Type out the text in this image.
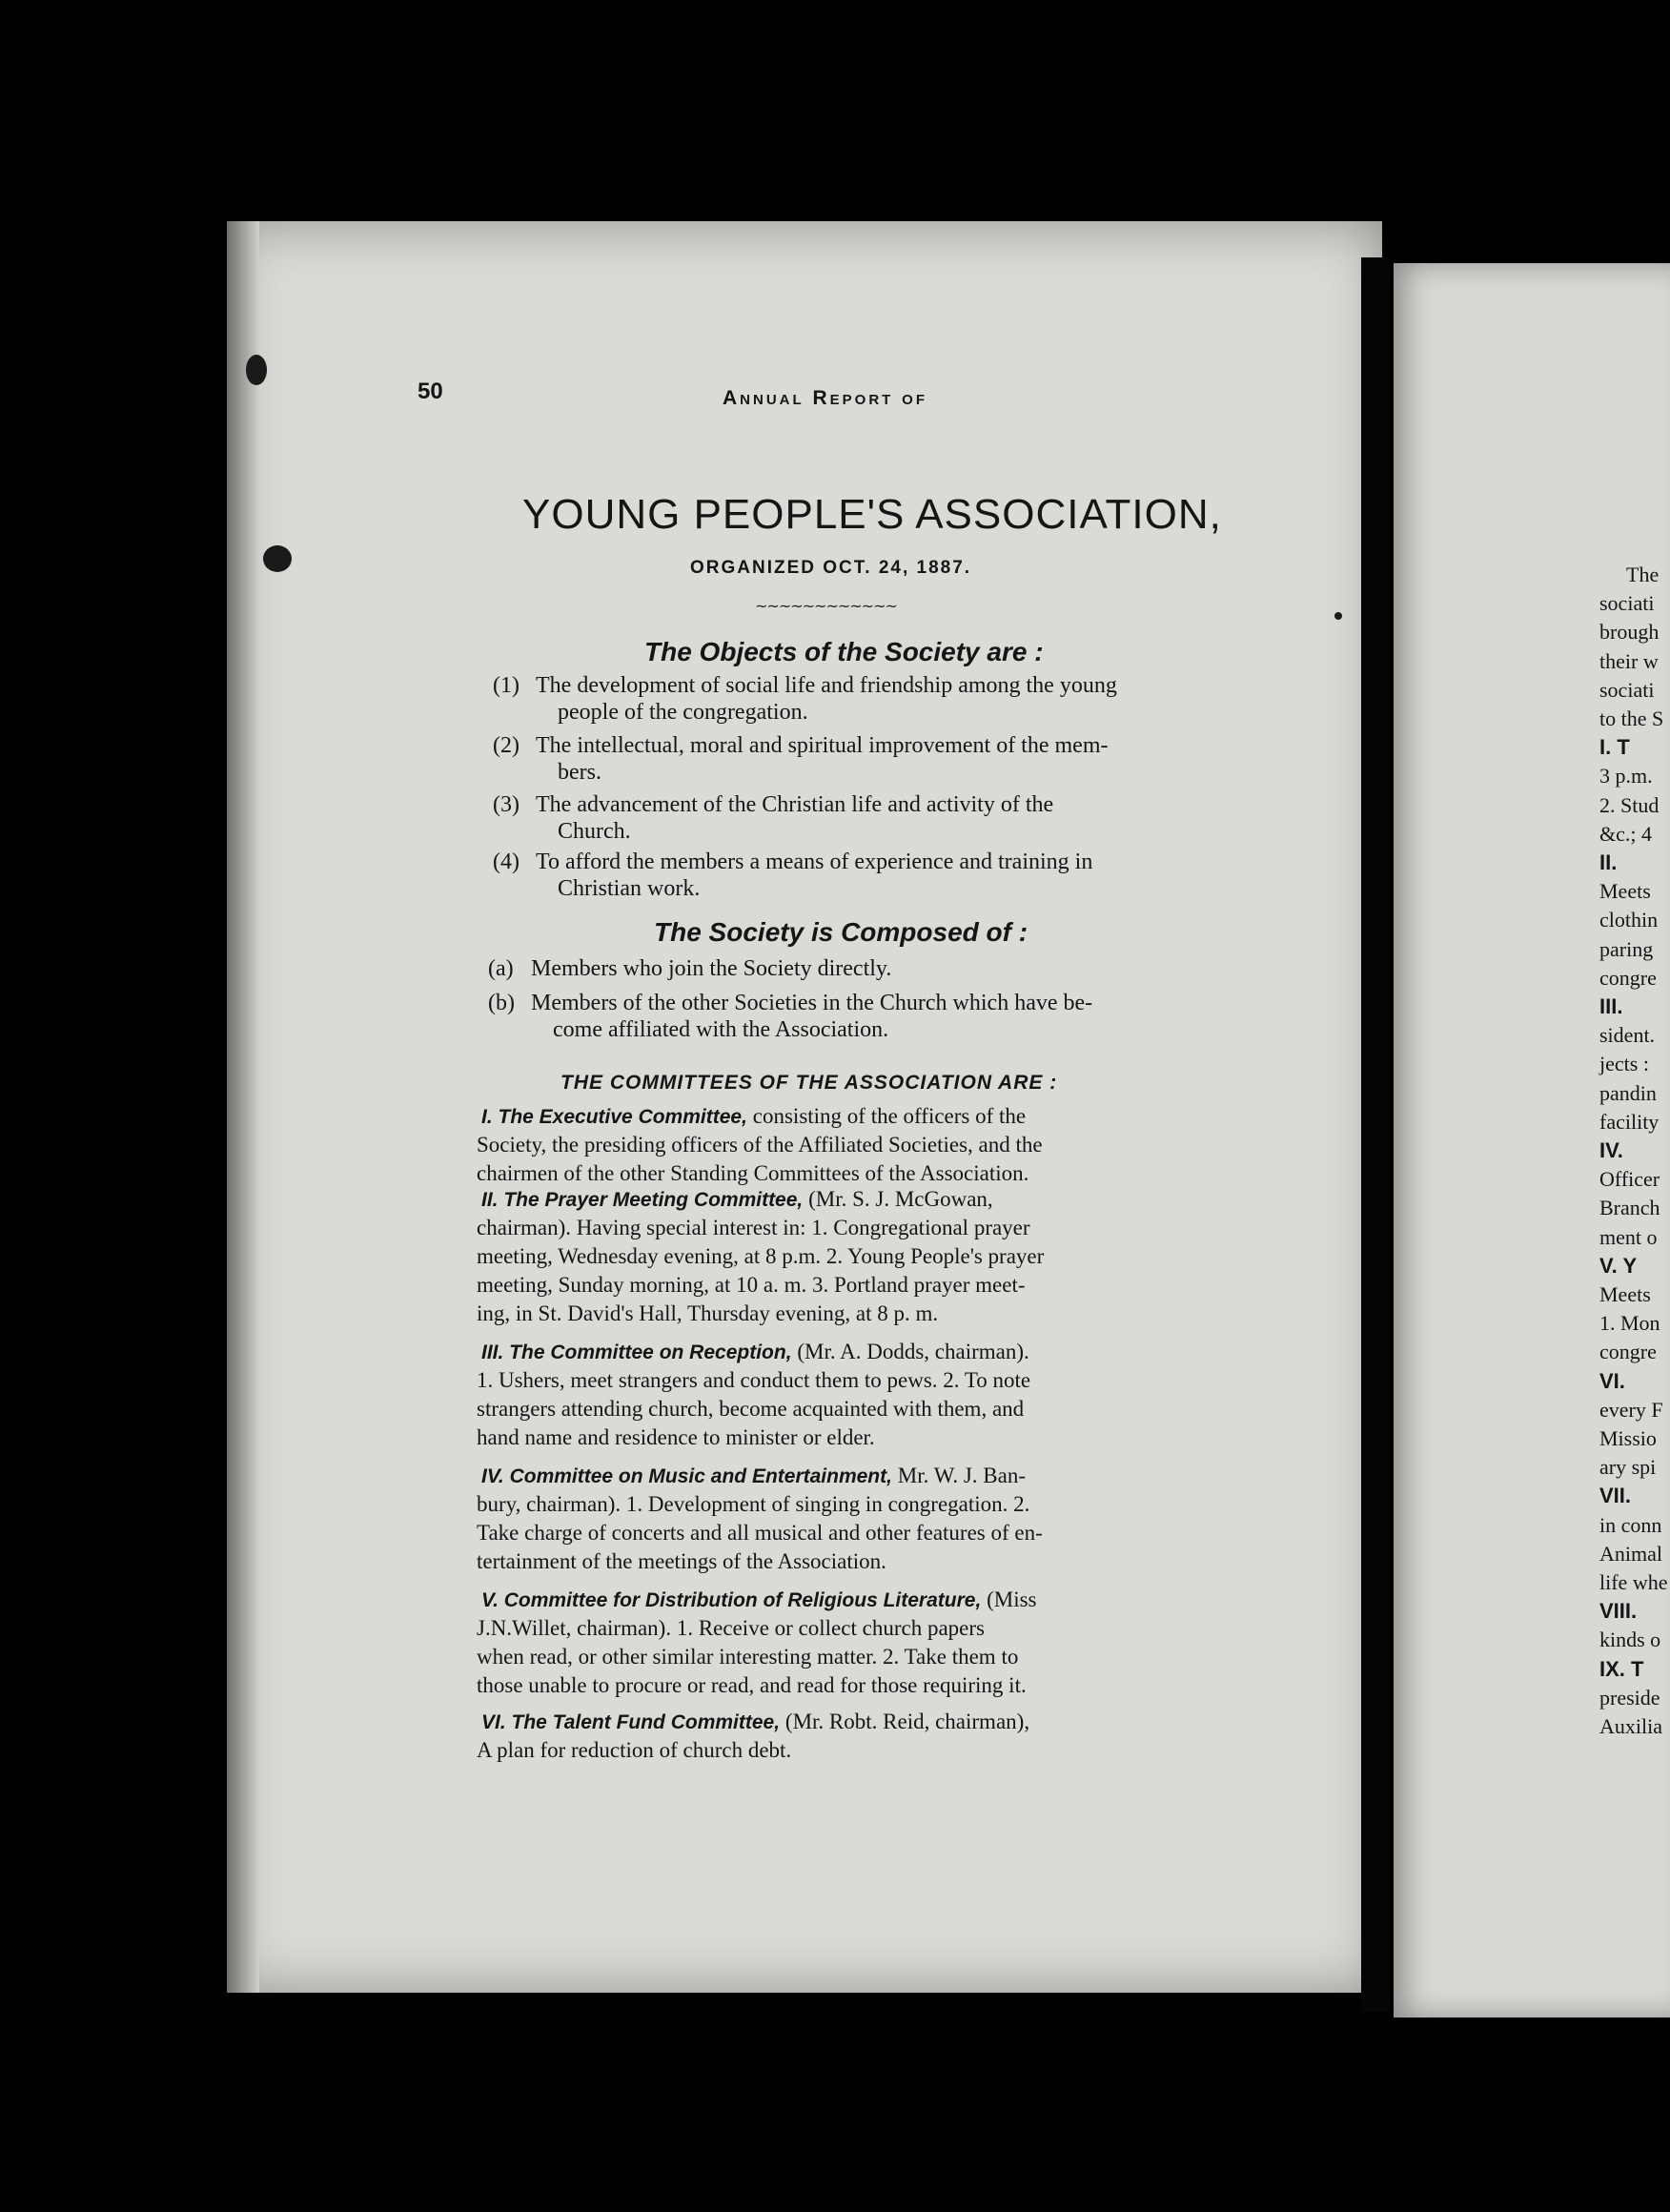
50	Annual Report of
YOUNG PEOPLE'S ASSOCIATION,
ORGANIZED OCT. 24, 1887.
~~~~~~~~~~~~
The Objects of the Society are :
(1) The development of social life and friendship among the young
people of the congregation.
(2) The intellectual, moral and spiritual improvement of the mem-
bers.
(3) The advancement of the Christian life and activity of the
Church.
(4) To afford the members a means of experience and training in
Christian work.
The Society is Composed of :
(a) Members who join the Society directly.
(b) Members of the other Societies in the Church which have be-
come affiliated with the Association.
THE COMMITTEES OF THE ASSOCIATION ARE :
I. The Executive Committee, consisting of the officers of the
Society, the presiding officers of the Affiliated Societies, and the
chairmen of the other Standing Committees of the Association.
II. The Prayer Meeting Committee, (Mr. S. J. McGowan,
chairman). Having special interest in: 1. Congregational prayer
meeting, Wednesday evening, at 8 p.m. 2. Young People's prayer
meeting, Sunday morning, at 10 a. m. 3. Portland prayer meet-
ing, in St. David's Hall, Thursday evening, at 8 p. m.
III. The Committee on Reception, (Mr. A. Dodds, chairman).
1. Ushers, meet strangers and conduct them to pews. 2. To note
strangers attending church, become acquainted with them, and
hand name and residence to minister or elder.
IV. Committee on Music and Entertainment, Mr. W. J. Ban-
bury, chairman). 1. Development of singing in congregation. 2.
Take charge of concerts and all musical and other features of en-
tertainment of the meetings of the Association.
V. Committee for Distribution of Religious Literature, (Miss
J.N.Willet, chairman). 1. Receive or collect church papers
when read, or other similar interesting matter. 2. Take them to
those unable to procure or read, and read for those requiring it.
VI. The Talent Fund Committee, (Mr. Robt. Reid, chairman),
A plan for reduction of church debt.
The
sociati
brough
their w
sociati
to the S
I. T
3 p.m.
2. Stud
&c.; 4
II.
Meets
clothin
paring
congre
III.
sident.
jects :
pandin
facility
IV.
Officer
Branch
ment o
V. Y
Meets
1. Mon
congre
VI.
every F
Missio
ary spi
VII.
in conn
Animal
life whe
VIII.
kinds o
IX. T
preside
Auxilia
